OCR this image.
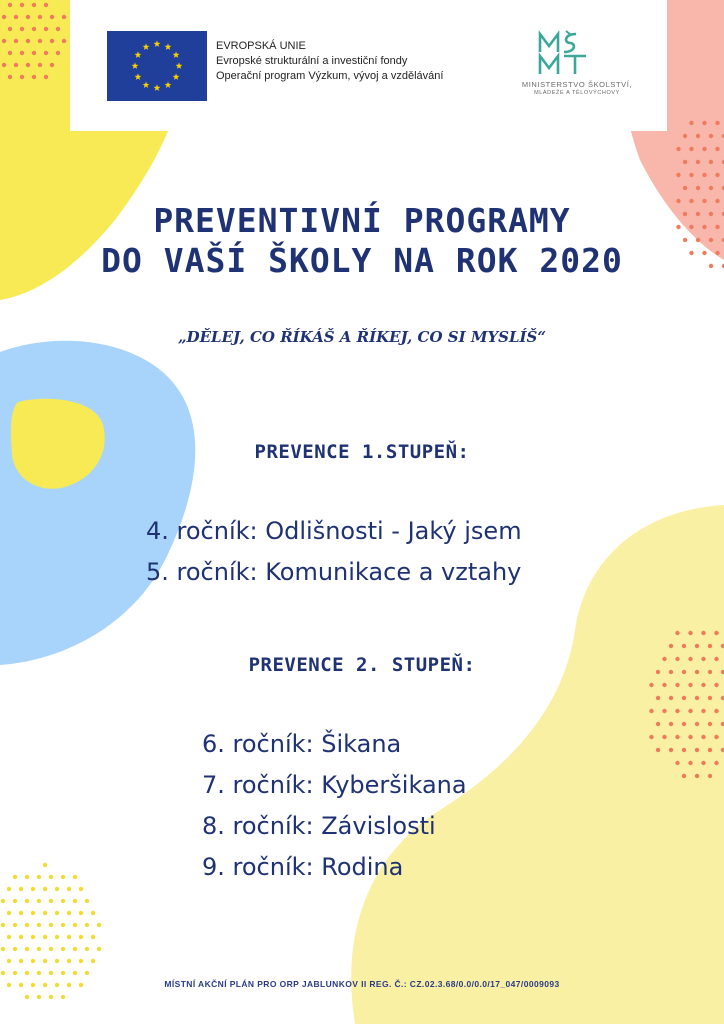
EVROPSKÁ UNIE
Evropské strukturální a investiční fondy
Operační program Výzkum, vývoj a vzdělávání
MINISTERSTVO ŠKOLSTVÍ,
MLÁDEŽE A TĚLOVÝCHOVY
PREVENTIVNÍ PROGRAMY
DO VAŠÍ ŠKOLY NA ROK 2020
„DĚLEJ, CO ŘÍKÁŠ A ŘÍKEJ, CO SI MYSLÍŠ“
PREVENCE 1.STUPEŇ:
4. ročník: Odlišnosti - Jaký jsem
5. ročník: Komunikace a vztahy
PREVENCE 2. STUPEŇ:
6. ročník: Šikana
7. ročník: Kyberšikana
8. ročník: Závislosti
9. ročník: Rodina
MÍSTNÍ AKČNÍ PLÁN PRO ORP JABLUNKOV II REG. Č.: CZ.02.3.68/0.0/0.0/17_047/0009093
